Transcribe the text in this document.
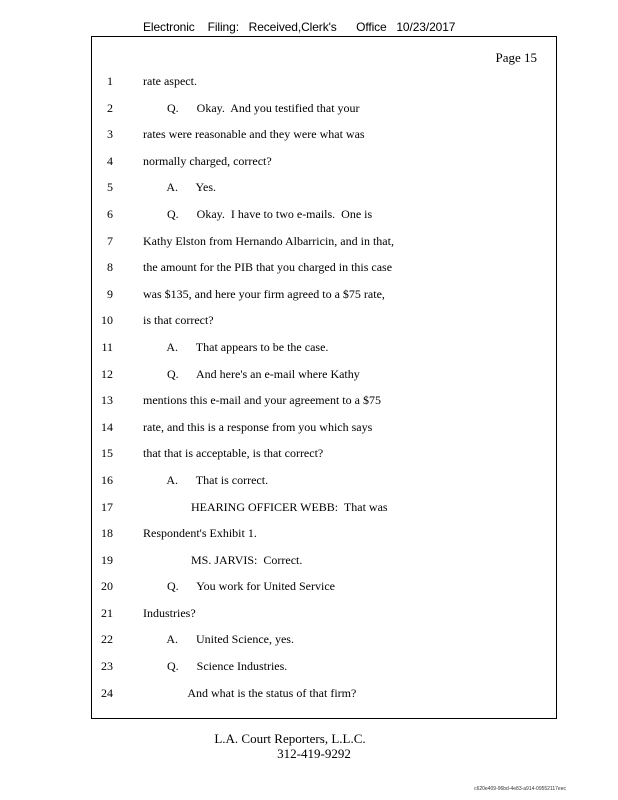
Electronic    Filing:   Received,Clerk's      Office   10/23/2017
Page 15
1	rate aspect.
2	Q.      Okay.  And you testified that your
3	rates were reasonable and they were what was
4	normally charged, correct?
5	A.      Yes.
6	Q.      Okay.  I have to two e-mails.  One is
7	Kathy Elston from Hernando Albarricin, and in that,
8	the amount for the PIB that you charged in this case
9	was $135, and here your firm agreed to a $75 rate,
10	is that correct?
11	A.      That appears to be the case.
12	Q.      And here's an e-mail where Kathy
13	mentions this e-mail and your agreement to a $75
14	rate, and this is a response from you which says
15	that that is acceptable, is that correct?
16	A.      That is correct.
17	HEARING OFFICER WEBB:  That was
18	Respondent's Exhibit 1.
19	MS. JARVIS:  Correct.
20	Q.      You work for United Service
21	Industries?
22	A.      United Science, yes.
23	Q.      Science Industries.
24	And what is the status of that firm?
L.A. Court Reporters, L.L.C.
312-419-9292
c620e409-96bd-4e83-a914-09552117eec
